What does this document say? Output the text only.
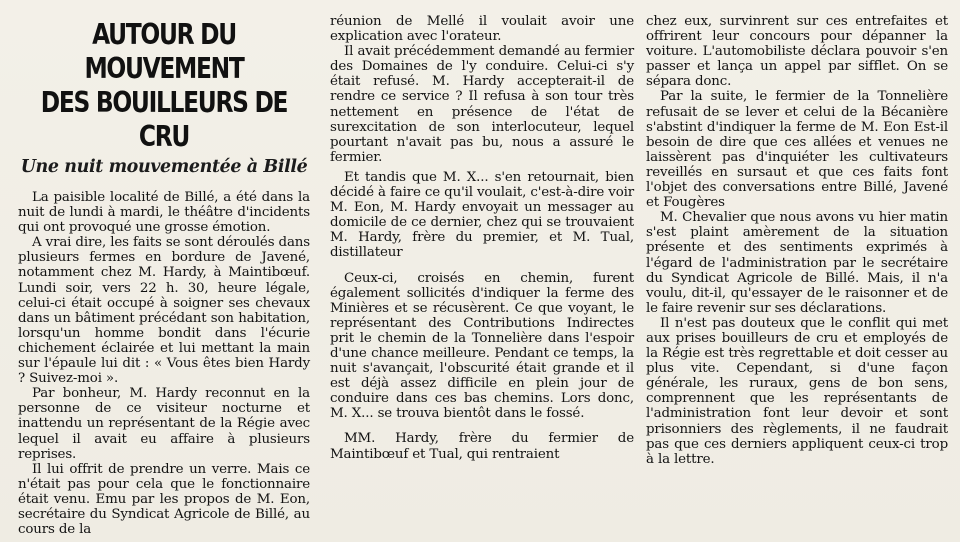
AUTOUR DU MOUVEMENT
DES BOUILLEURS DE CRU
Une nuit mouvementée à Billé

La paisible localité de Billé, a été dans la nuit de lundi à mardi, le théâtre d'incidents qui ont provoqué une grosse émotion.

A vrai dire, les faits se sont déroulés dans plusieurs fermes en bordure de Javené, notamment chez M. Hardy, à Maintibœuf. Lundi soir, vers 22 h. 30, heure légale, celui-ci était occupé à soigner ses chevaux dans un bâtiment précédant son habitation, lorsqu'un homme bondit dans l'écurie chichement éclairée et lui mettant la main sur l'épaule lui dit : « Vous êtes bien Hardy ? Suivez-moi ».

Par bonheur, M. Hardy reconnut en la personne de ce visiteur nocturne et inattendu un représentant de la Régie avec lequel il avait eu affaire à plusieurs reprises.

Il lui offrit de prendre un verre. Mais ce n'était pas pour cela que le fonctionnaire était venu. Emu par les propos de M. Eon, secrétaire du Syndicat Agricole de Billé, au cours de la

réunion de Mellé il voulait avoir une explication avec l'orateur.

Il avait précédemment demandé au fermier des Domaines de l'y conduire. Celui-ci s'y était refusé. M. Hardy accepterait-il de rendre ce service ? Il refusa à son tour très nettement en présence de l'état de surexcitation de son interlocuteur, lequel pourtant n'avait pas bu, nous a assuré le fermier.

Et tandis que M. X... s'en retournait, bien décidé à faire ce qu'il voulait, c'est-à-dire voir M. Eon, M. Hardy envoyait un messager au domicile de ce dernier, chez qui se trouvaient M. Hardy, frère du premier, et M. Tual, distillateur

Ceux-ci, croisés en chemin, furent également sollicités d'indiquer la ferme des Minières et se récusèrent. Ce que voyant, le représentant des Contributions Indirectes prit le chemin de la Tonnelière dans l'espoir d'une chance meilleure. Pendant ce temps, la nuit s'avançait, l'obscurité était grande et il est déjà assez difficile en plein jour de conduire dans ces bas chemins. Lors donc, M. X... se trouva bientôt dans le fossé.

MM. Hardy, frère du fermier de Maintibœuf et Tual, qui rentraient

chez eux, survinrent sur ces entrefaites et offrirent leur concours pour dépanner la voiture. L'automobiliste déclara pouvoir s'en passer et lança un appel par sifflet. On se sépara donc.

Par la suite, le fermier de la Tonnelière refusait de se lever et celui de la Bécanière s'abstint d'indiquer la ferme de M. Eon Est-il besoin de dire que ces allées et venues ne laissèrent pas d'inquiéter les cultivateurs reveillés en sursaut et que ces faits font l'objet des conversations entre Billé, Javené et Fougères

M. Chevalier que nous avons vu hier matin s'est plaint amèrement de la situation présente et des sentiments exprimés à l'égard de l'administration par le secrétaire du Syndicat Agricole de Billé. Mais, il n'a voulu, dit-il, qu'essayer de le raisonner et de le faire revenir sur ses déclarations.

Il n'est pas douteux que le conflit qui met aux prises bouilleurs de cru et employés de la Régie est très regrettable et doit cesser au plus vite. Cependant, si d'une façon générale, les ruraux, gens de bon sens, comprennent que les représentants de l'administration font leur devoir et sont prisonniers des règlements, il ne faudrait pas que ces derniers appliquent ceux-ci trop à la lettre.
